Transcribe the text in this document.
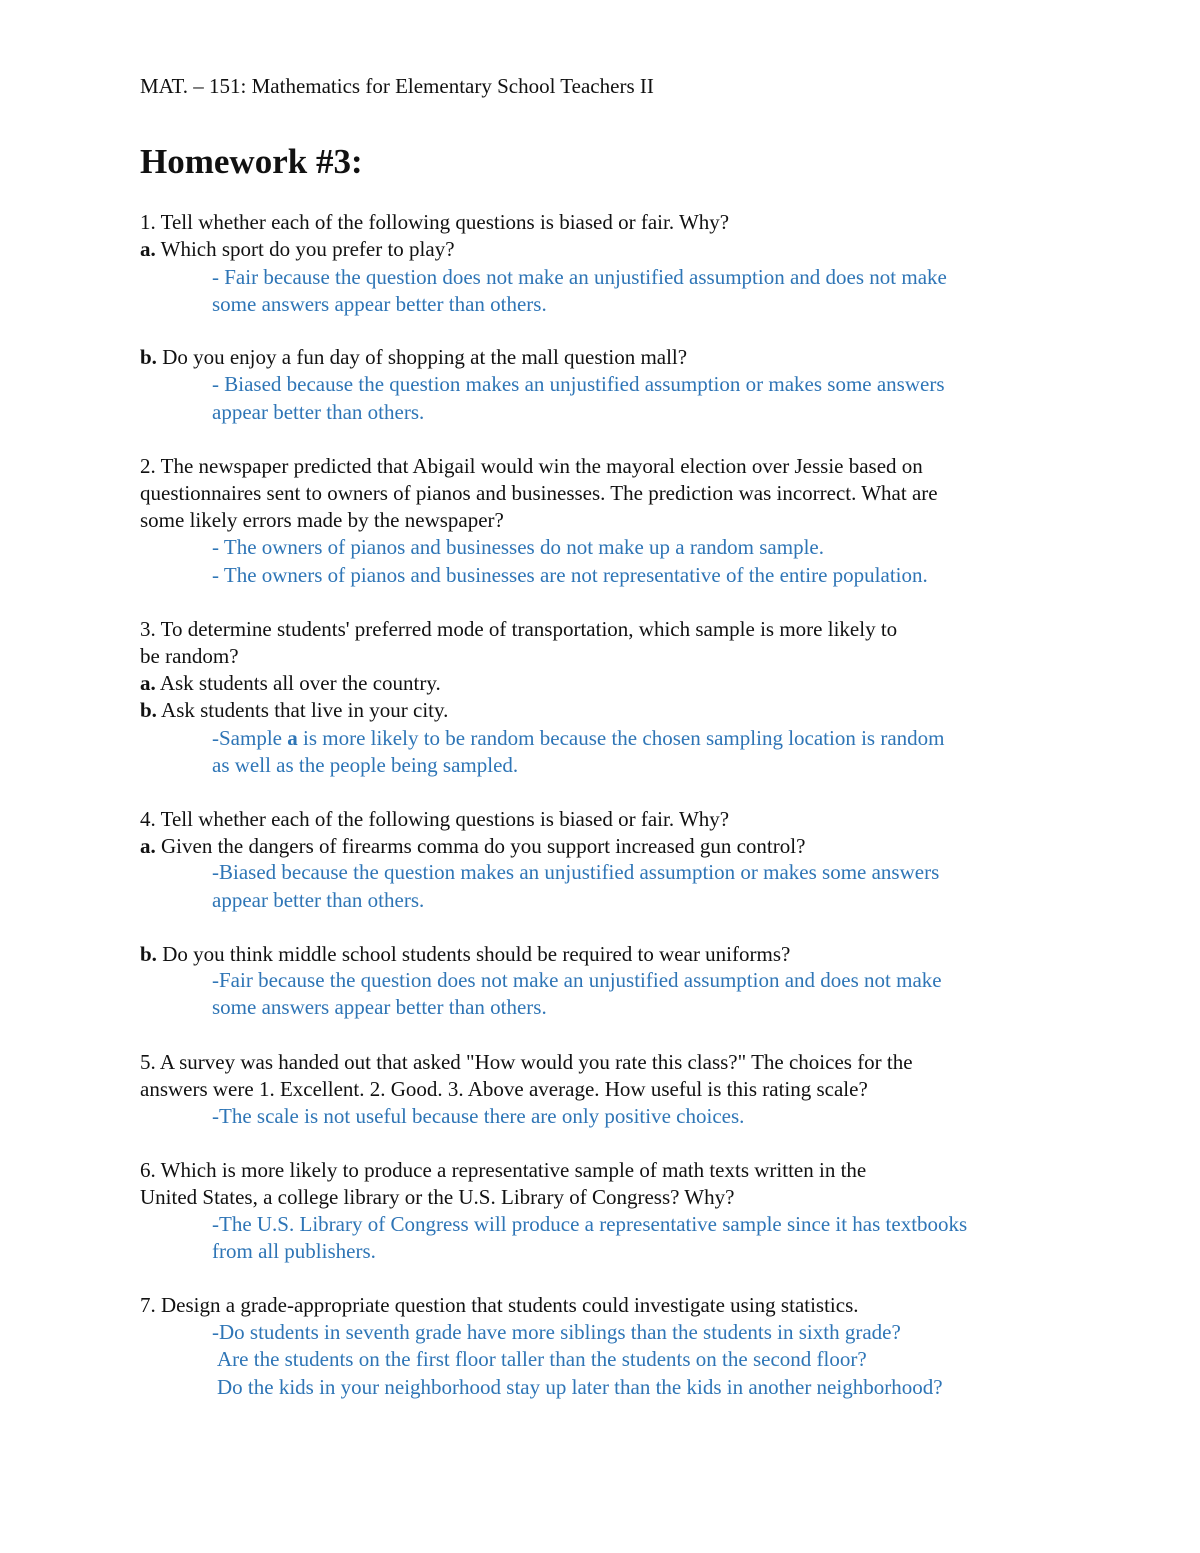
MAT. – 151: Mathematics for Elementary School Teachers II
Homework #3:
1. Tell whether each of the following questions is biased or fair. Why?
a. Which sport do you prefer to play?
- Fair because the question does not make an unjustified assumption and does not make
some answers appear better than others.
b. Do you enjoy a fun day of shopping at the mall question mall?
- Biased because the question makes an unjustified assumption or makes some answers
appear better than others.
2. The newspaper predicted that Abigail would win the mayoral election over Jessie based on
questionnaires sent to owners of pianos and businesses. The prediction was incorrect. What are
some likely errors made by the newspaper?
- The owners of pianos and businesses do not make up a random sample.
- The owners of pianos and businesses are not representative of the entire population.
3. To determine students' preferred mode of transportation, which sample is more likely to
be random?
a. Ask students all over the country.
b. Ask students that live in your city.
-Sample a is more likely to be random because the chosen sampling location is random
as well as the people being sampled.
4. Tell whether each of the following questions is biased or fair. Why?
a. Given the dangers of firearms comma do you support increased gun control?
-Biased because the question makes an unjustified assumption or makes some answers
appear better than others.
b. Do you think middle school students should be required to wear uniforms?
-Fair because the question does not make an unjustified assumption and does not make
some answers appear better than others.
5. A survey was handed out that asked "How would you rate this class?" The choices for the
answers were 1. Excellent. 2. Good. 3. Above average. How useful is this rating scale?
-The scale is not useful because there are only positive choices.
6. Which is more likely to produce a representative sample of math texts written in the
United States, a college library or the U.S. Library of Congress? Why?
-The U.S. Library of Congress will produce a representative sample since it has textbooks
from all publishers.
7. Design a grade-appropriate question that students could investigate using statistics.
-Do students in seventh grade have more siblings than the students in sixth grade?
Are the students on the first floor taller than the students on the second floor?
Do the kids in your neighborhood stay up later than the kids in another neighborhood?
